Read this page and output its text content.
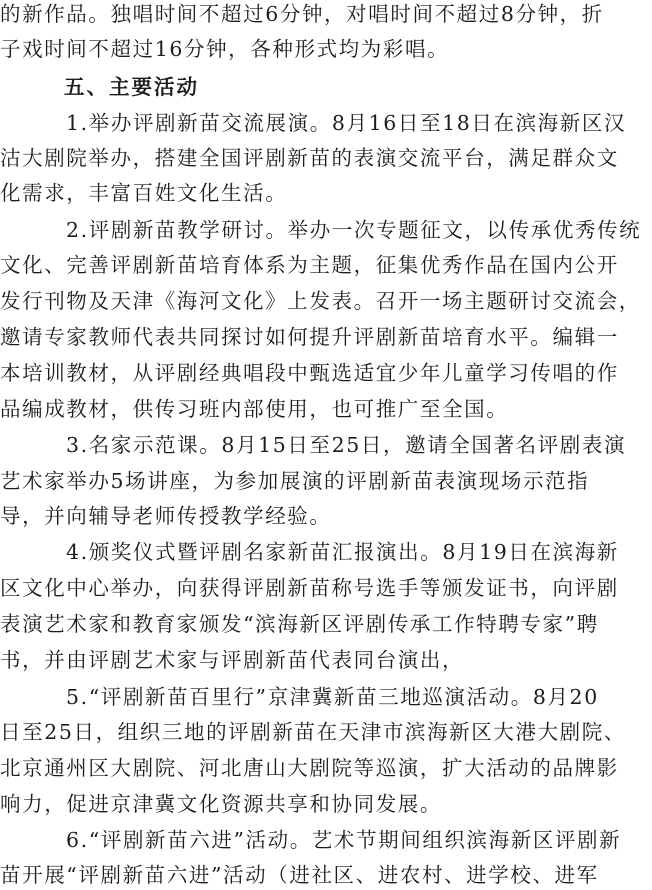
的新作品。独唱时间不超过6分钟，对唱时间不超过8分钟，折
子戏时间不超过16分钟，各种形式均为彩唱。
五、主要活动
1.举办评剧新苗交流展演。8月16日至18日在滨海新区汉
沽大剧院举办，搭建全国评剧新苗的表演交流平台，满足群众文
化需求，丰富百姓文化生活。
2.评剧新苗教学研讨。举办一次专题征文，以传承优秀传统
文化、完善评剧新苗培育体系为主题，征集优秀作品在国内公开
发行刊物及天津《海河文化》上发表。召开一场主题研讨交流会，
邀请专家教师代表共同探讨如何提升评剧新苗培育水平。编辑一
本培训教材，从评剧经典唱段中甄选适宜少年儿童学习传唱的作
品编成教材，供传习班内部使用，也可推广至全国。
3.名家示范课。8月15日至25日，邀请全国著名评剧表演
艺术家举办5场讲座，为参加展演的评剧新苗表演现场示范指
导，并向辅导老师传授教学经验。
4.颁奖仪式暨评剧名家新苗汇报演出。8月19日在滨海新
区文化中心举办，向获得评剧新苗称号选手等颁发证书，向评剧
表演艺术家和教育家颁发“滨海新区评剧传承工作特聘专家”聘
书，并由评剧艺术家与评剧新苗代表同台演出，
5.“评剧新苗百里行”京津冀新苗三地巡演活动。8月20
日至25日，组织三地的评剧新苗在天津市滨海新区大港大剧院、
北京通州区大剧院、河北唐山大剧院等巡演，扩大活动的品牌影
响力，促进京津冀文化资源共享和协同发展。
6.“评剧新苗六进”活动。艺术节期间组织滨海新区评剧新
苗开展“评剧新苗六进”活动（进社区、进农村、进学校、进军
